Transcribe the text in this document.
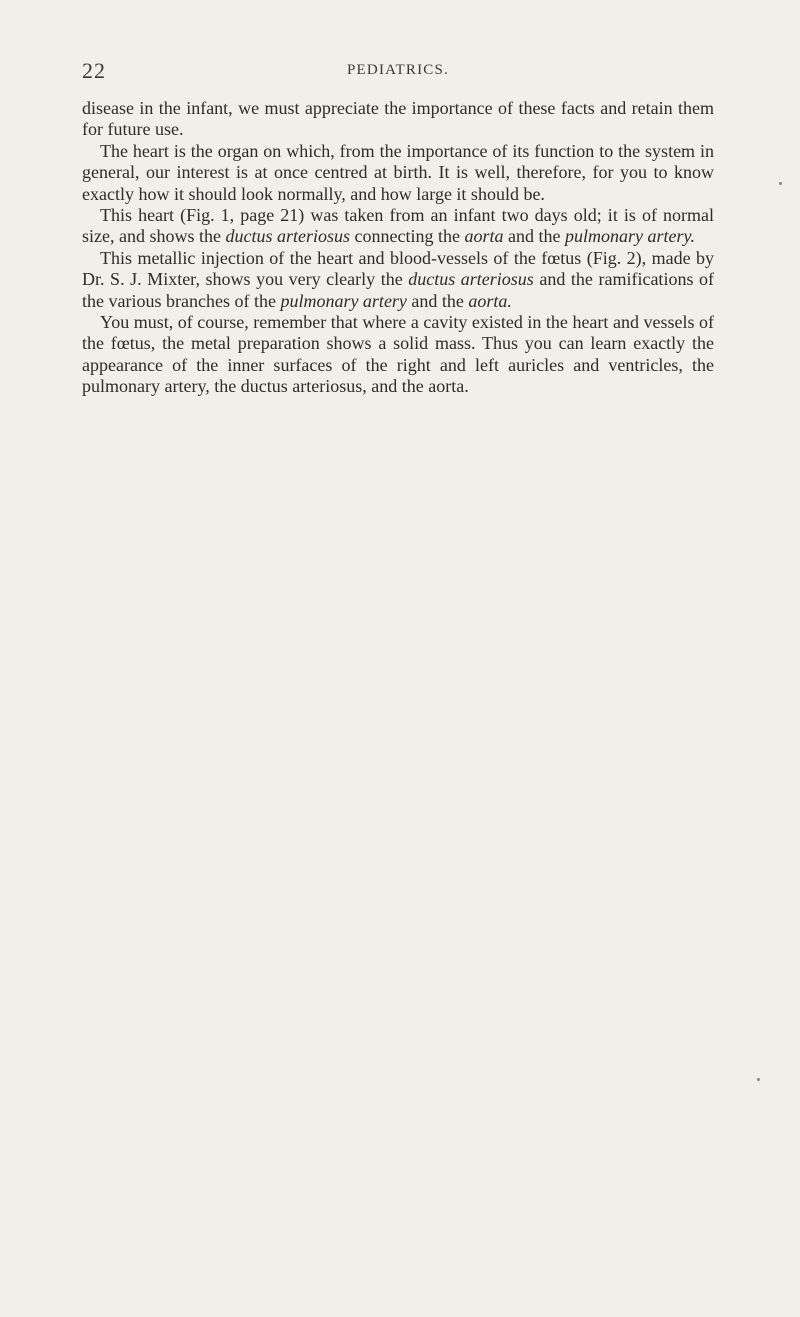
22	PEDIATRICS.

disease in the infant, we must appreciate the importance of these facts and retain them for future use.

The heart is the organ on which, from the importance of its function to the system in general, our interest is at once centred at birth. It is well, therefore, for you to know exactly how it should look normally, and how large it should be.

This heart (Fig. 1, page 21) was taken from an infant two days old; it is of normal size, and shows the ductus arteriosus connecting the aorta and the pulmonary artery.

This metallic injection of the heart and blood-vessels of the fœtus (Fig. 2), made by Dr. S. J. Mixter, shows you very clearly the ductus arteriosus and the ramifications of the various branches of the pulmonary artery and the aorta.

You must, of course, remember that where a cavity existed in the heart and vessels of the fœtus, the metal preparation shows a solid mass. Thus you can learn exactly the appearance of the inner surfaces of the right and left auricles and ventricles, the pulmonary artery, the ductus arteriosus, and the aorta.
